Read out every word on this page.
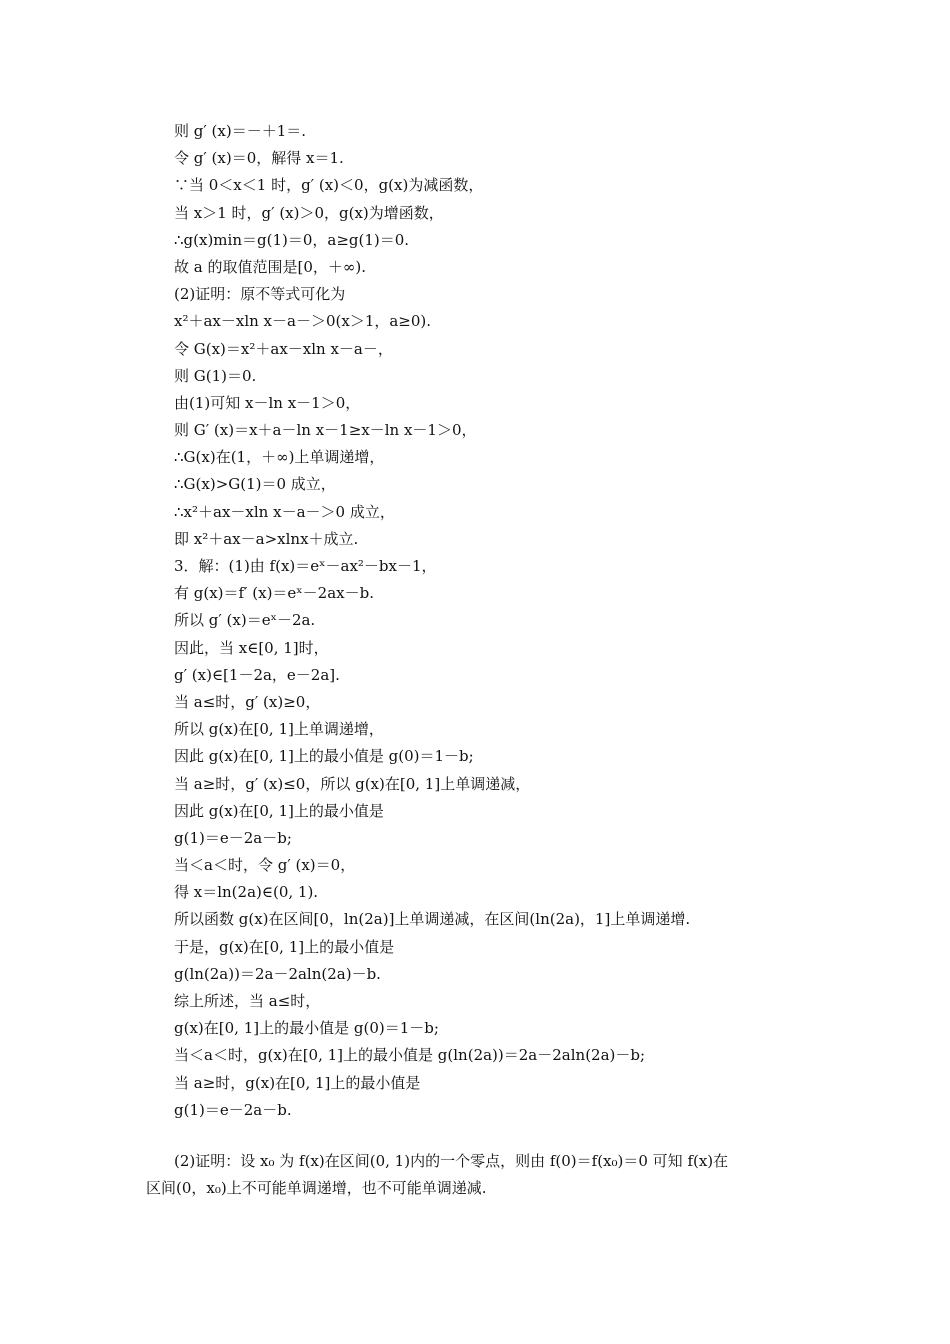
则 g′ (x)＝－＋1＝.
令 g′ (x)＝0，解得 x＝1.
∵当 0＜x＜1 时，g′ (x)＜0，g(x)为减函数，
当 x＞1 时，g′ (x)＞0，g(x)为增函数，
∴g(x)min＝g(1)＝0，a≥g(1)＝0.
故 a 的取值范围是[0，＋∞).
(2)证明：原不等式可化为
x²＋ax－xln x－a－＞0(x＞1，a≥0).
令 G(x)＝x²＋ax－xln x－a－，
则 G(1)＝0.
由(1)可知 x－ln x－1＞0，
则 G′ (x)＝x＋a－ln x－1≥x－ln x－1＞0，
∴G(x)在(1，＋∞)上单调递增，
∴G(x)>G(1)＝0 成立，
∴x²＋ax－xln x－a－＞0 成立，
即 x²＋ax－a>xlnx＋成立.
3．解：(1)由 f(x)＝eˣ－ax²－bx－1，
有 g(x)＝f′ (x)＝eˣ－2ax－b.
所以 g′ (x)＝eˣ－2a.
因此，当 x∈[0, 1]时，
g′ (x)∈[1－2a，e－2a].
当 a≤时，g′ (x)≥0，
所以 g(x)在[0, 1]上单调递增，
因此 g(x)在[0, 1]上的最小值是 g(0)＝1－b;
当 a≥时，g′ (x)≤0，所以 g(x)在[0, 1]上单调递减，
因此 g(x)在[0, 1]上的最小值是
g(1)＝e－2a－b;
当＜a＜时，令 g′ (x)＝0，
得 x＝ln(2a)∈(0, 1).
所以函数 g(x)在区间[0，ln(2a)]上单调递减，在区间(ln(2a)，1]上单调递增.
于是，g(x)在[0, 1]上的最小值是
g(ln(2a))＝2a－2aln(2a)－b.
综上所述，当 a≤时，
g(x)在[0, 1]上的最小值是 g(0)＝1－b;
当＜a＜时，g(x)在[0, 1]上的最小值是 g(ln(2a))＝2a－2aln(2a)－b;
当 a≥时，g(x)在[0, 1]上的最小值是
g(1)＝e－2a－b.
(2)证明：设 x₀ 为 f(x)在区间(0, 1)内的一个零点，则由 f(0)＝f(x₀)＝0 可知 f(x)在
区间(0，x₀)上不可能单调递增，也不可能单调递减.
